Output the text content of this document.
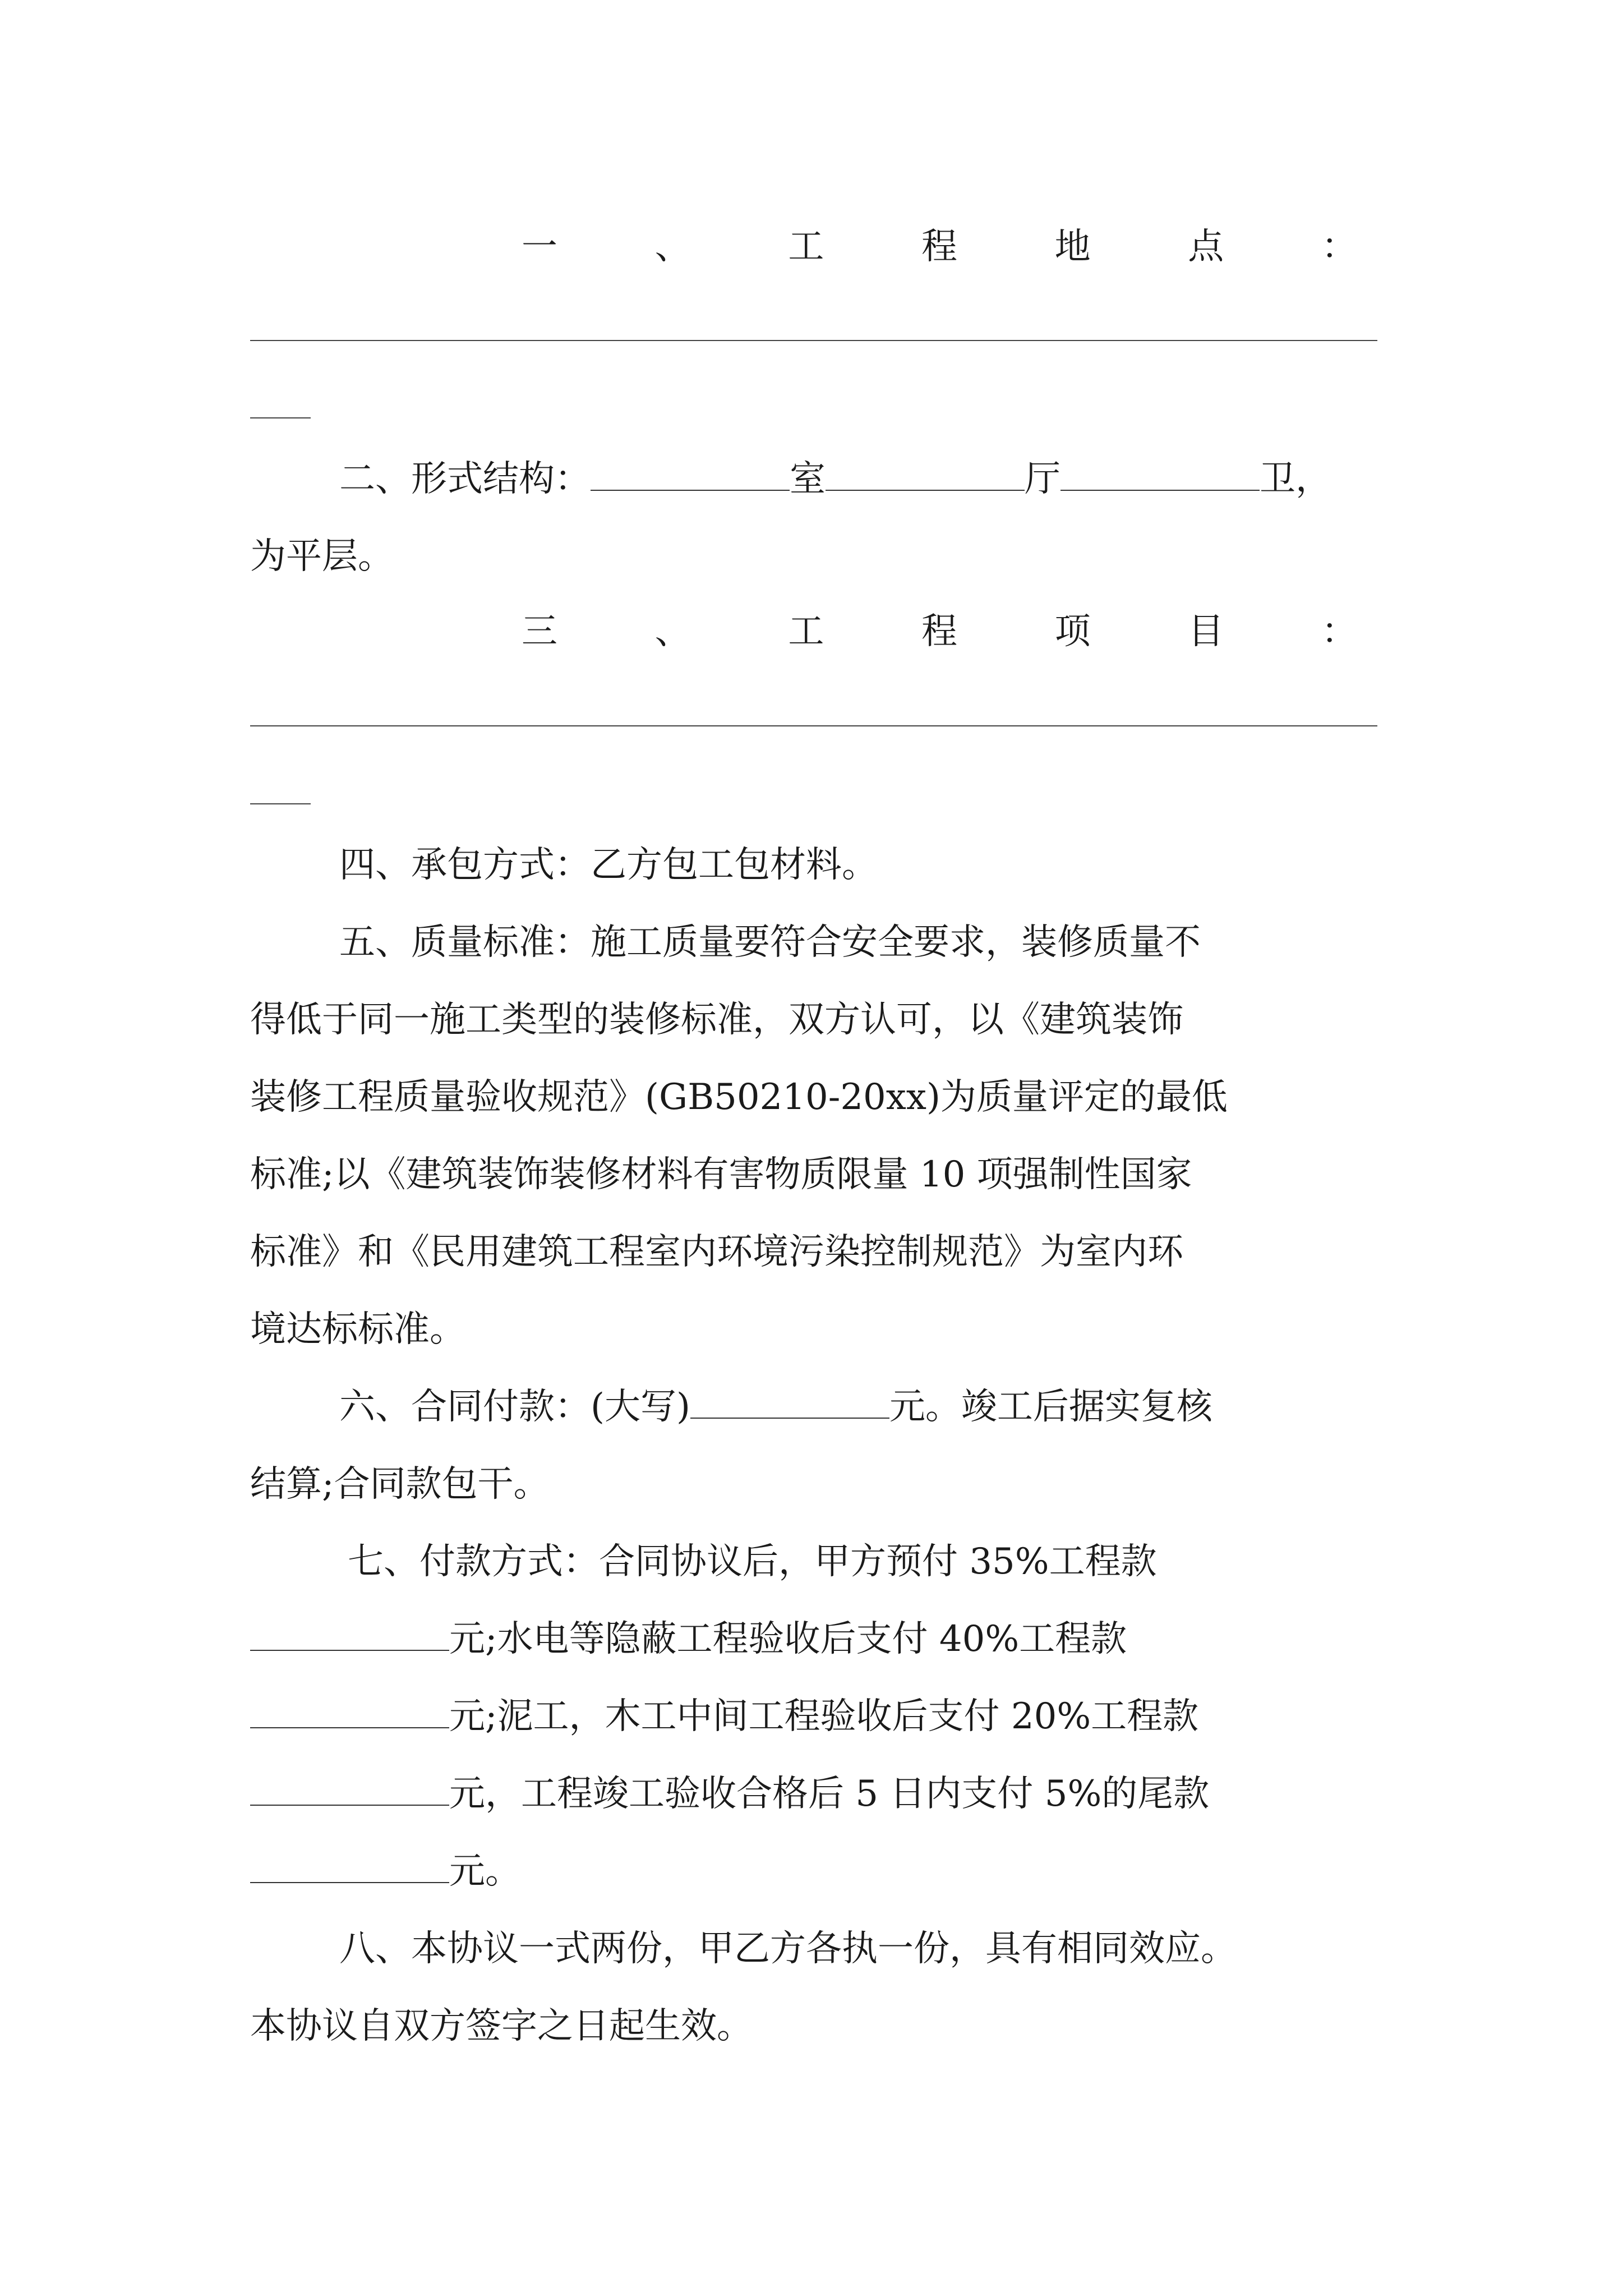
一	、	工	程	地	点	：

二、形式结构：	室	厅	卫，

为平层。

三	、	工	程	项	目	：

四、承包方式：乙方包工包材料。

五、质量标准：施工质量要符合安全要求，装修质量不

得低于同一施工类型的装修标准，双方认可，以《建筑装饰

装修工程质量验收规范》(GB50210-20xx)为质量评定的最低

标准;以《建筑装饰装修材料有害物质限量 10 项强制性国家

标准》和《民用建筑工程室内环境污染控制规范》为室内环

境达标标准。

六、合同付款：(大写)	元。竣工后据实复核

结算;合同款包干。

七、付款方式：合同协议后，甲方预付 35%工程款

元;水电等隐蔽工程验收后支付 40%工程款

元;泥工，木工中间工程验收后支付 20%工程款

元，工程竣工验收合格后 5 日内支付 5%的尾款

元。

八、本协议一式两份，甲乙方各执一份，具有相同效应。

本协议自双方签字之日起生效。
